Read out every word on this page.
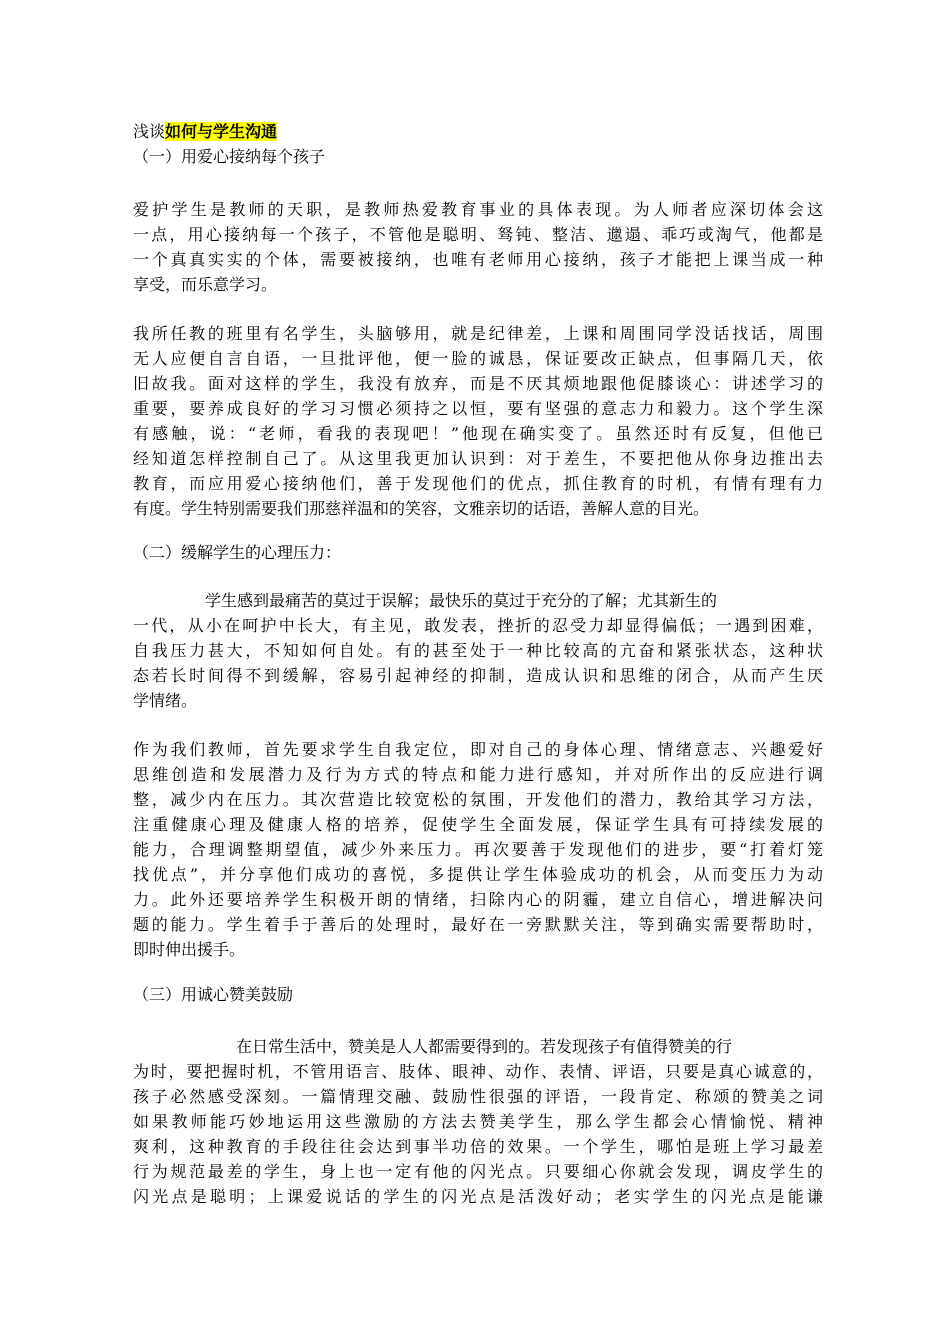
浅谈如何与学生沟通
（一）用爱心接纳每个孩子
爱护学生是教师的天职，是教师热爱教育事业的具体表现。为人师者应深切体会这
一点，用心接纳每一个孩子，不管他是聪明、驽钝、整洁、邋遢、乖巧或淘气，他都是
一个真真实实的个体，需要被接纳，也唯有老师用心接纳，孩子才能把上课当成一种
享受，而乐意学习。
我所任教的班里有名学生，头脑够用，就是纪律差，上课和周围同学没话找话，周围
无人应便自言自语，一旦批评他，便一脸的诚恳，保证要改正缺点，但事隔几天，依
旧故我。面对这样的学生，我没有放弃，而是不厌其烦地跟他促膝谈心：讲述学习的
重要，要养成良好的学习习惯必须持之以恒，要有坚强的意志力和毅力。这个学生深
有感触，说：“老师，看我的表现吧！”他现在确实变了。虽然还时有反复，但他已
经知道怎样控制自己了。从这里我更加认识到：对于差生，不要把他从你身边推出去
教育，而应用爱心接纳他们，善于发现他们的优点，抓住教育的时机，有情有理有力
有度。学生特别需要我们那慈祥温和的笑容，文雅亲切的话语，善解人意的目光。
（二）缓解学生的心理压力：
学生感到最痛苦的莫过于误解；最快乐的莫过于充分的了解；尤其新生的
一代，从小在呵护中长大，有主见，敢发表，挫折的忍受力却显得偏低；一遇到困难，
自我压力甚大，不知如何自处。有的甚至处于一种比较高的亢奋和紧张状态，这种状
态若长时间得不到缓解，容易引起神经的抑制，造成认识和思维的闭合，从而产生厌
学情绪。
作为我们教师，首先要求学生自我定位，即对自己的身体心理、情绪意志、兴趣爱好
思维创造和发展潜力及行为方式的特点和能力进行感知，并对所作出的反应进行调
整，减少内在压力。其次营造比较宽松的氛围，开发他们的潜力，教给其学习方法，
注重健康心理及健康人格的培养，促使学生全面发展，保证学生具有可持续发展的
能力，合理调整期望值，减少外来压力。再次要善于发现他们的进步，要“打着灯笼
找优点”，并分享他们成功的喜悦，多提供让学生体验成功的机会，从而变压力为动
力。此外还要培养学生积极开朗的情绪，扫除内心的阴霾，建立自信心，增进解决问
题的能力。学生着手于善后的处理时，最好在一旁默默关注，等到确实需要帮助时，
即时伸出援手。
（三）用诚心赞美鼓励
在日常生活中，赞美是人人都需要得到的。若发现孩子有值得赞美的行
为时，要把握时机，不管用语言、肢体、眼神、动作、表情、评语，只要是真心诚意的，
孩子必然感受深刻。一篇情理交融、鼓励性很强的评语，一段肯定、称颂的赞美之词
如果教师能巧妙地运用这些激励的方法去赞美学生，那么学生都会心情愉悦、精神
爽利，这种教育的手段往往会达到事半功倍的效果。一个学生，哪怕是班上学习最差
行为规范最差的学生，身上也一定有他的闪光点。只要细心你就会发现，调皮学生的
闪光点是聪明；上课爱说话的学生的闪光点是活泼好动；老实学生的闪光点是能谦
